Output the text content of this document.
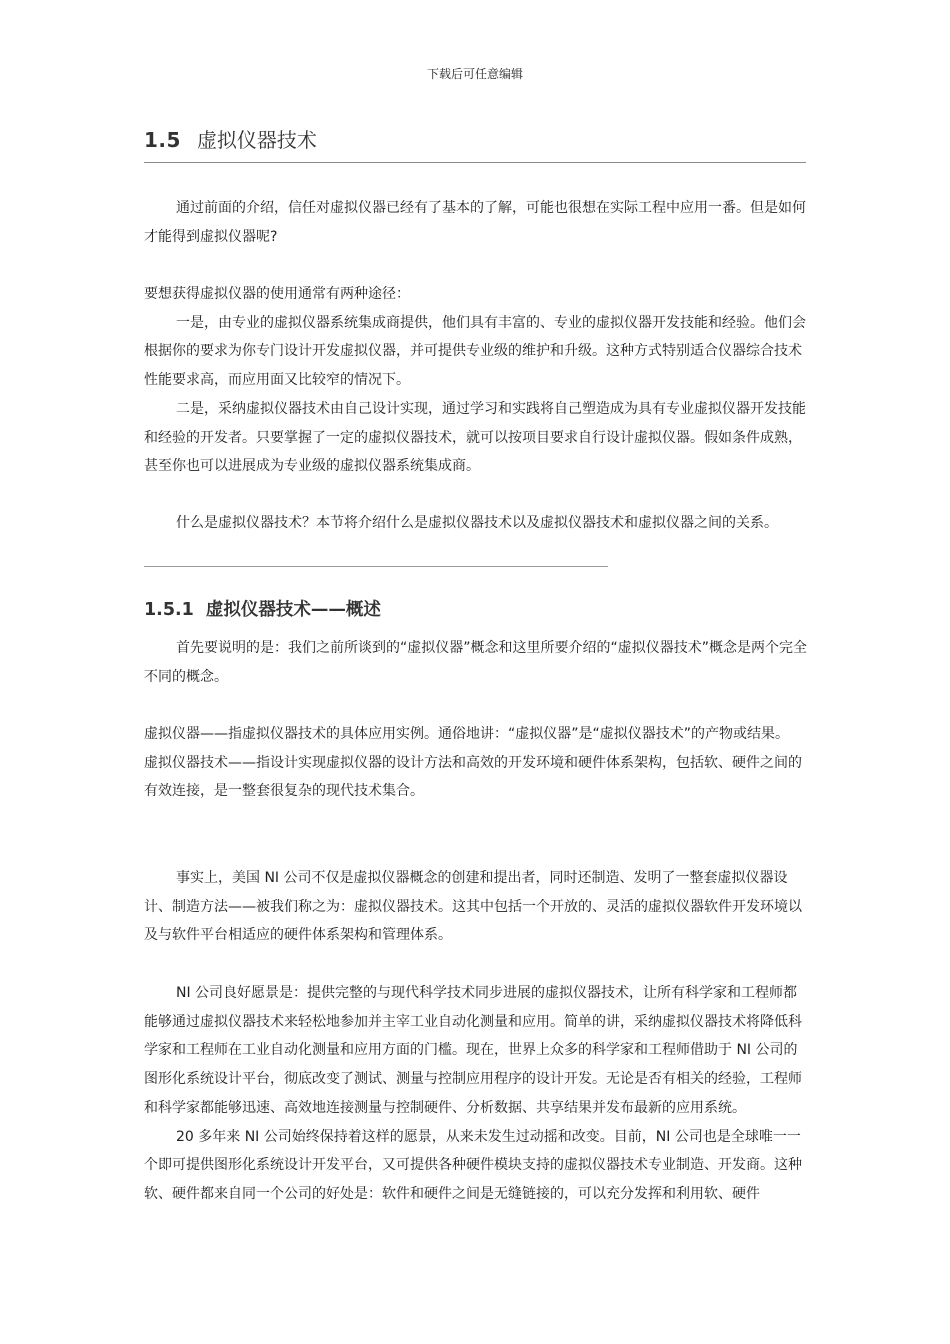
下载后可任意编辑
1.5 虚拟仪器技术

通过前面的介绍，信任对虚拟仪器已经有了基本的了解，可能也很想在实际工程中应用一番。但是如何才能得到虚拟仪器呢?

要想获得虚拟仪器的使用通常有两种途径：

一是，由专业的虚拟仪器系统集成商提供，他们具有丰富的、专业的虚拟仪器开发技能和经验。他们会根据你的要求为你专门设计开发虚拟仪器，并可提供专业级的维护和升级。这种方式特别适合仪器综合技术性能要求高，而应用面又比较窄的情况下。

二是，采纳虚拟仪器技术由自己设计实现，通过学习和实践将自己塑造成为具有专业虚拟仪器开发技能和经验的开发者。只要掌握了一定的虚拟仪器技术，就可以按项目要求自行设计虚拟仪器。假如条件成熟，甚至你也可以进展成为专业级的虚拟仪器系统集成商。

什么是虚拟仪器技术？本节将介绍什么是虚拟仪器技术以及虚拟仪器技术和虚拟仪器之间的关系。

1.5.1 虚拟仪器技术——概述

首先要说明的是：我们之前所谈到的“虚拟仪器”概念和这里所要介绍的“虚拟仪器技术”概念是两个完全不同的概念。

虚拟仪器——指虚拟仪器技术的具体应用实例。通俗地讲：“虚拟仪器”是“虚拟仪器技术”的产物或结果。

虚拟仪器技术——指设计实现虚拟仪器的设计方法和高效的开发环境和硬件体系架构，包括软、硬件之间的有效连接，是一整套很复杂的现代技术集合。

事实上，美国 NI 公司不仅是虚拟仪器概念的创建和提出者，同时还制造、发明了一整套虚拟仪器设计、制造方法——被我们称之为：虚拟仪器技术。这其中包括一个开放的、灵活的虚拟仪器软件开发环境以及与软件平台相适应的硬件体系架构和管理体系。

NI 公司良好愿景是：提供完整的与现代科学技术同步进展的虚拟仪器技术，让所有科学家和工程师都能够通过虚拟仪器技术来轻松地参加并主宰工业自动化测量和应用。简单的讲，采纳虚拟仪器技术将降低科学家和工程师在工业自动化测量和应用方面的门槛。现在，世界上众多的科学家和工程师借助于 NI 公司的图形化系统设计平台，彻底改变了测试、测量与控制应用程序的设计开发。无论是否有相关的经验，工程师和科学家都能够迅速、高效地连接测量与控制硬件、分析数据、共享结果并发布最新的应用系统。

20 多年来 NI 公司始终保持着这样的愿景，从来未发生过动摇和改变。目前，NI 公司也是全球唯一一个即可提供图形化系统设计开发平台，又可提供各种硬件模块支持的虚拟仪器技术专业制造、开发商。这种软、硬件都来自同一个公司的好处是：软件和硬件之间是无缝链接的，可以充分发挥和利用软、硬件
